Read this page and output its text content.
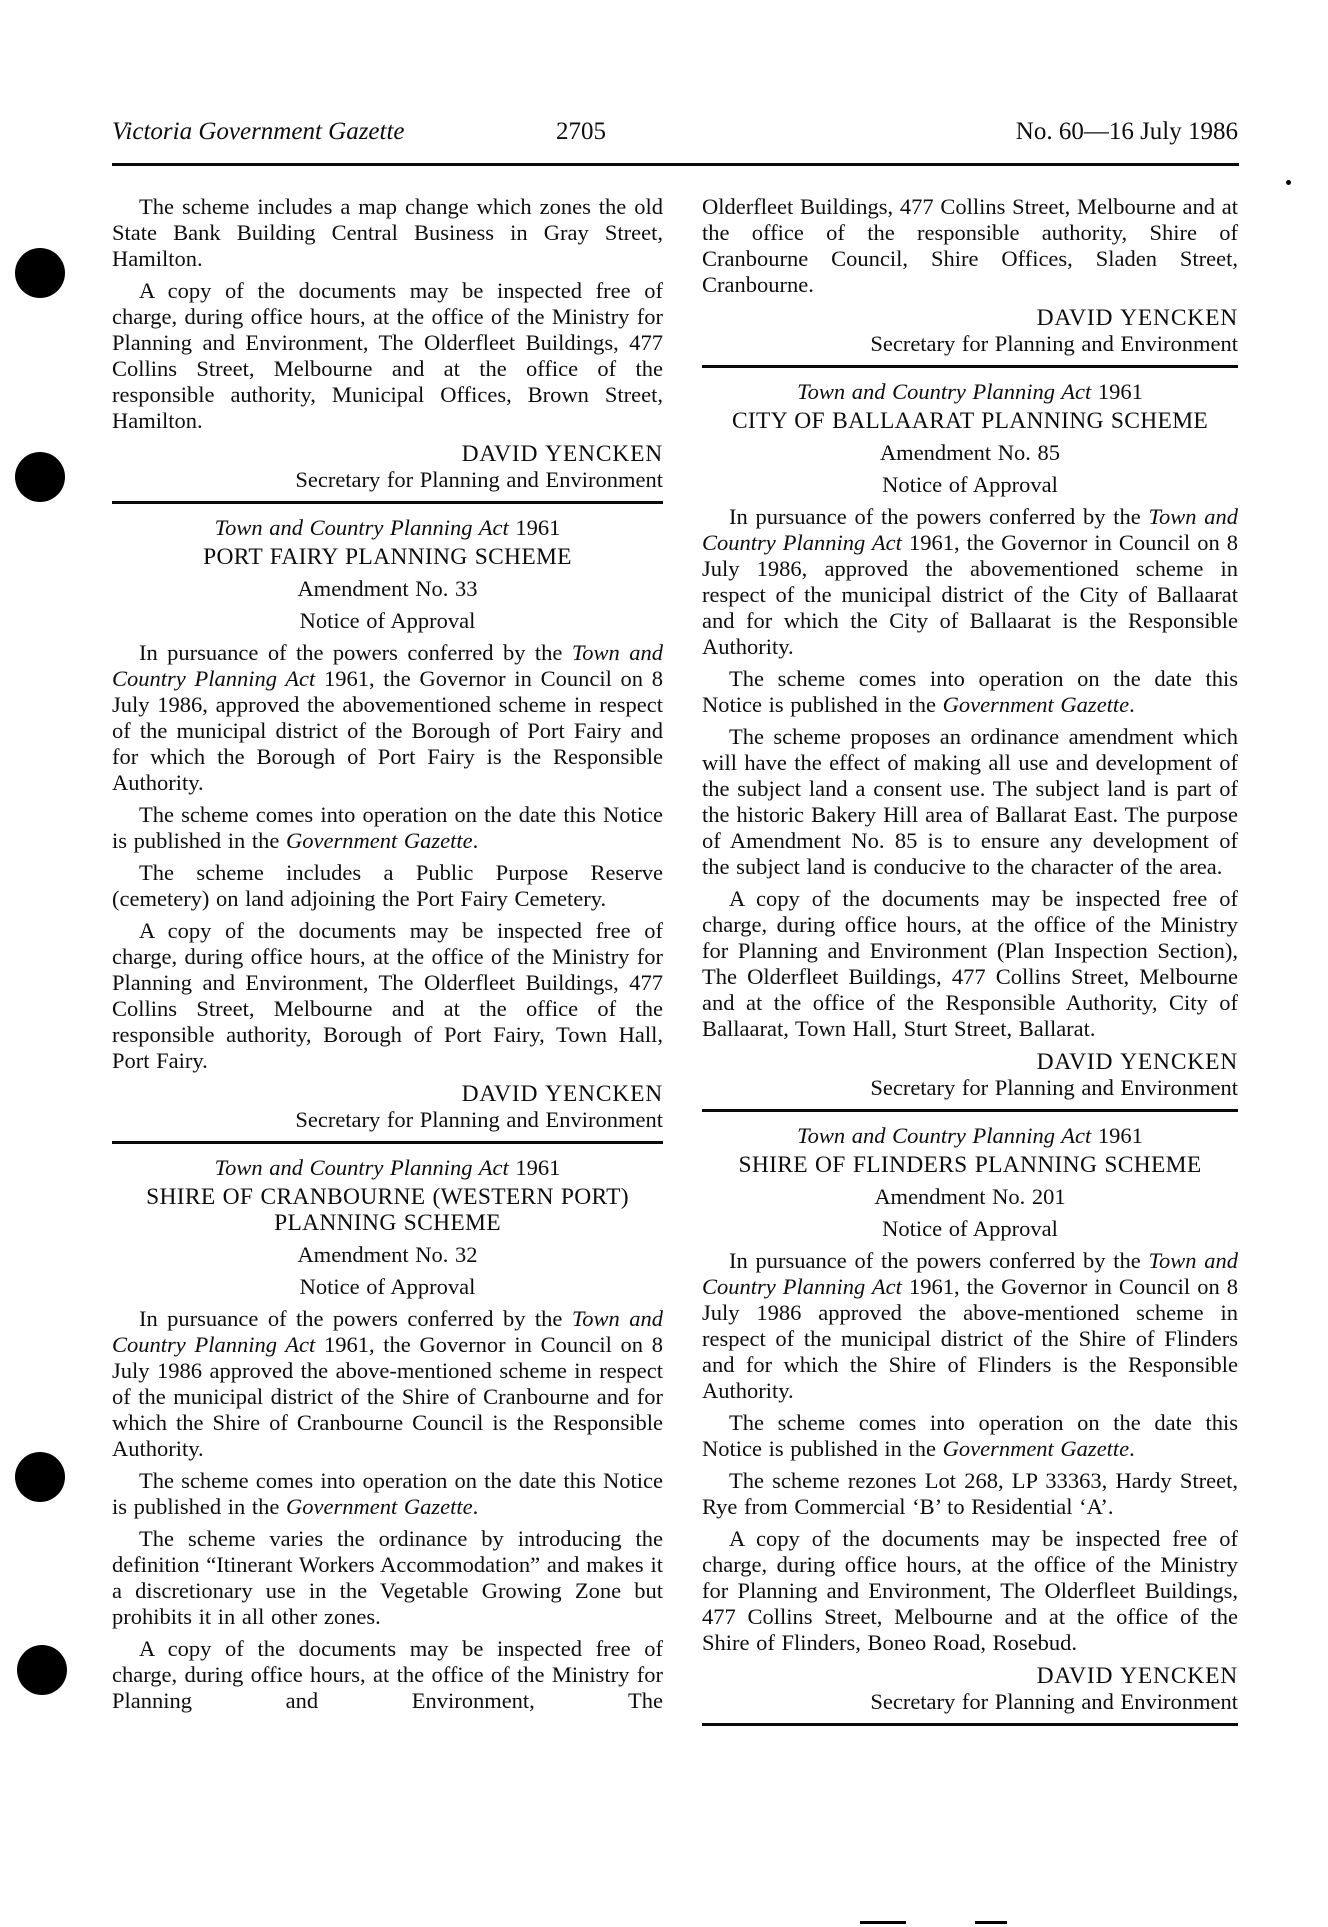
Victoria Government Gazette	2705	No. 60—16 July 1986

The scheme includes a map change which zones the old State Bank Building Central Business in Gray Street, Hamilton.

A copy of the documents may be inspected free of charge, during office hours, at the office of the Ministry for Planning and Environment, The Olderfleet Buildings, 477 Collins Street, Melbourne and at the office of the responsible authority, Municipal Offices, Brown Street, Hamilton.

DAVID YENCKEN
Secretary for Planning and Environment

Town and Country Planning Act 1961

PORT FAIRY PLANNING SCHEME

Amendment No. 33

Notice of Approval

In pursuance of the powers conferred by the Town and Country Planning Act 1961, the Governor in Council on 8 July 1986, approved the abovementioned scheme in respect of the municipal district of the Borough of Port Fairy and for which the Borough of Port Fairy is the Responsible Authority.

The scheme comes into operation on the date this Notice is published in the Government Gazette.

The scheme includes a Public Purpose Reserve (cemetery) on land adjoining the Port Fairy Cemetery.

A copy of the documents may be inspected free of charge, during office hours, at the office of the Ministry for Planning and Environment, The Olderfleet Buildings, 477 Collins Street, Melbourne and at the office of the responsible authority, Borough of Port Fairy, Town Hall, Port Fairy.

DAVID YENCKEN
Secretary for Planning and Environment

Town and Country Planning Act 1961

SHIRE OF CRANBOURNE (WESTERN PORT) PLANNING SCHEME

Amendment No. 32

Notice of Approval

In pursuance of the powers conferred by the Town and Country Planning Act 1961, the Governor in Council on 8 July 1986 approved the above-mentioned scheme in respect of the municipal district of the Shire of Cranbourne and for which the Shire of Cranbourne Council is the Responsible Authority.

The scheme comes into operation on the date this Notice is published in the Government Gazette.

The scheme varies the ordinance by introducing the definition “Itinerant Workers Accommodation” and makes it a discretionary use in the Vegetable Growing Zone but prohibits it in all other zones.

A copy of the documents may be inspected free of charge, during office hours, at the office of the Ministry for Planning and Environment, The

Olderfleet Buildings, 477 Collins Street, Melbourne and at the office of the responsible authority, Shire of Cranbourne Council, Shire Offices, Sladen Street, Cranbourne.

DAVID YENCKEN
Secretary for Planning and Environment

Town and Country Planning Act 1961

CITY OF BALLAARAT PLANNING SCHEME

Amendment No. 85

Notice of Approval

In pursuance of the powers conferred by the Town and Country Planning Act 1961, the Governor in Council on 8 July 1986, approved the abovementioned scheme in respect of the municipal district of the City of Ballaarat and for which the City of Ballaarat is the Responsible Authority.

The scheme comes into operation on the date this Notice is published in the Government Gazette.

The scheme proposes an ordinance amendment which will have the effect of making all use and development of the subject land a consent use. The subject land is part of the historic Bakery Hill area of Ballarat East. The purpose of Amendment No. 85 is to ensure any development of the subject land is conducive to the character of the area.

A copy of the documents may be inspected free of charge, during office hours, at the office of the Ministry for Planning and Environment (Plan Inspection Section), The Olderfleet Buildings, 477 Collins Street, Melbourne and at the office of the Responsible Authority, City of Ballaarat, Town Hall, Sturt Street, Ballarat.

DAVID YENCKEN
Secretary for Planning and Environment

Town and Country Planning Act 1961

SHIRE OF FLINDERS PLANNING SCHEME

Amendment No. 201

Notice of Approval

In pursuance of the powers conferred by the Town and Country Planning Act 1961, the Governor in Council on 8 July 1986 approved the above-mentioned scheme in respect of the municipal district of the Shire of Flinders and for which the Shire of Flinders is the Responsible Authority.

The scheme comes into operation on the date this Notice is published in the Government Gazette.

The scheme rezones Lot 268, LP 33363, Hardy Street, Rye from Commercial ‘B’ to Residential ‘A’.

A copy of the documents may be inspected free of charge, during office hours, at the office of the Ministry for Planning and Environment, The Olderfleet Buildings, 477 Collins Street, Melbourne and at the office of the Shire of Flinders, Boneo Road, Rosebud.

DAVID YENCKEN
Secretary for Planning and Environment
